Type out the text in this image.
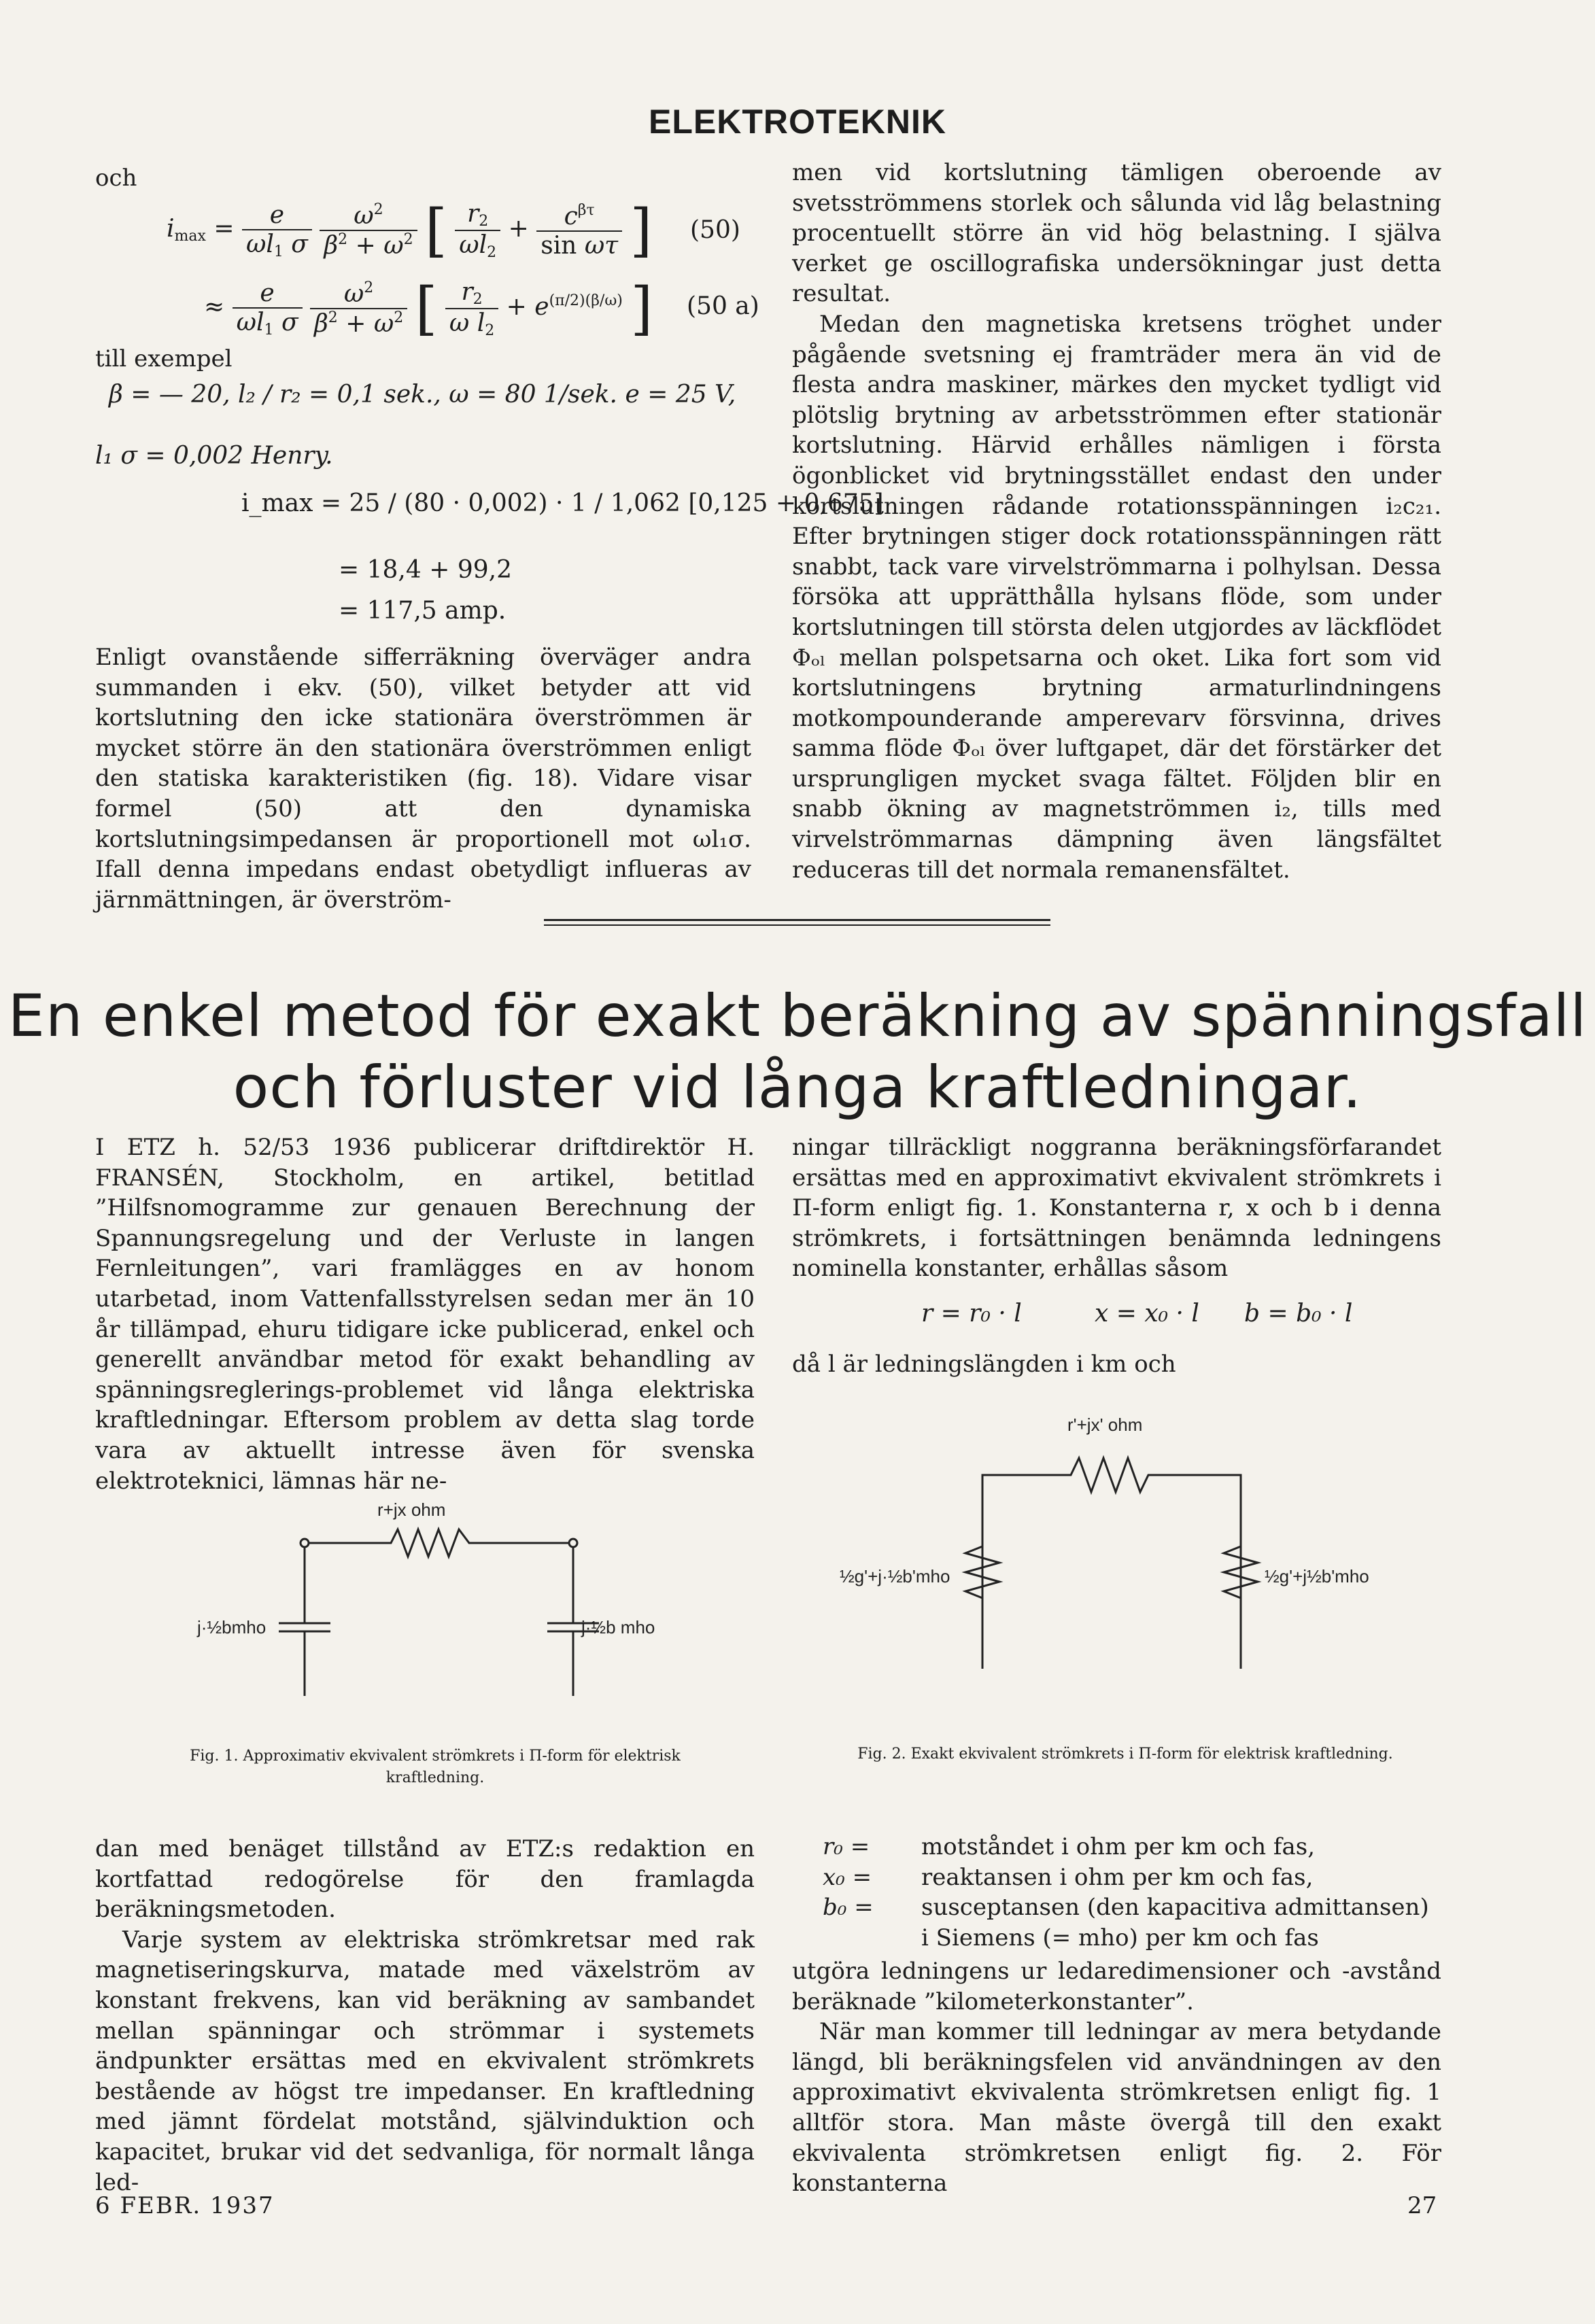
ELEKTROTEKNIK

och

$i_{max} = \frac{e}{\omega l_1 \sigma}$
$\frac{\omega^2}{\beta^2 + \omega^2}$ [ $\frac{r_2}{\omega l_2} + \frac{c^{\beta\tau}}{\text{sin ωτ}}$ ] (50)
≈ $\frac{e}{\omega l_1 \sigma}$
$\frac{\omega^2}{\beta^2 + \omega^2}$ [ $\frac{r_2}{\omega l_2} + e^{(\pi/2)(\beta/\omega)}$ ] (50 a)
till exempel
β = — 20, l₂ / r₂ = 0,1 sek., ω = 80 1/sek. e = 25 V,
l₁ σ = 0,002 Henry.
i_max = 25 / (80 · 0,002) · 1 / 1,062 [0,125 + 0,675]
= 18,4 + 99,2
= 117,5 amp.

Enligt ovanstående sifferräkning överväger andra summanden i ekv. (50), vilket betyder att vid kortslutning den icke stationära överströmmen är mycket större än den stationära överströmmen enligt den statiska karakteristiken (fig. 18). Vidare visar formel (50) att den dynamiska kortslutningsimpedansen är proportionell mot ωl₁σ. Ifall denna impedans endast obetydligt influeras av järnmättningen, är överström-

men vid kortslutning tämligen oberoende av svetsströmmens storlek och sålunda vid låg belastning procentuellt större än vid hög belastning. I själva verket ge oscillografiska undersökningar just detta resultat.

Medan den magnetiska kretsens tröghet under pågående svetsning ej framträder mera än vid de flesta andra maskiner, märkes den mycket tydligt vid plötslig brytning av arbetsströmmen efter stationär kortslutning. Härvid erhålles nämligen i första ögonblicket vid brytningsstället endast den under kortslutningen rådande rotationsspänningen i₂c₂₁. Efter brytningen stiger dock rotationsspänningen rätt snabbt, tack vare virvelströmmarna i polhylsan. Dessa försöka att upprätthålla hylsans flöde, som under kortslutningen till största delen utgjordes av läckflödet Φₒₗ mellan polspetsarna och oket. Lika fort som vid kortslutningens brytning armaturlindningens motkompounderande amperevarv försvinna, drives samma flöde Φₒₗ över luftgapet, där det förstärker det ursprungligen mycket svaga fältet. Följden blir en snabb ökning av magnetströmmen i₂, tills med virvelströmmarnas dämpning även längsfältet reduceras till det normala remanensfältet.

En enkel metod för exakt beräkning av spänningsfall
och förluster vid långa kraftledningar.

I ETZ h. 52/53 1936 publicerar driftdirektör H. FRANSÉN, Stockholm, en artikel, betitlad ”Hilfsnomogramme zur genauen Berechnung der Spannungsregelung und der Verluste in langen Fernleitungen”, vari framlägges en av honom utarbetad, inom Vattenfallsstyrelsen sedan mer än 10 år tillämpad, ehuru tidigare icke publicerad, enkel och generellt användbar metod för exakt behandling av spänningsreglerings-problemet vid långa elektriska kraftledningar. Eftersom problem av detta slag torde vara av aktuellt intresse även för svenska elektroteknici, lämnas här ne-

r+jx ohm
j·½bmho	j·½b mho
Fig. 1. Approximativ ekvivalent strömkrets i Π-form för elektrisk kraftledning.

dan med benäget tillstånd av ETZ:s redaktion en kortfattad redogörelse för den framlagda beräkningsmetoden.

Varje system av elektriska strömkretsar med rak magnetiseringskurva, matade med växelström av konstant frekvens, kan vid beräkning av sambandet mellan spänningar och strömmar i systemets ändpunkter ersättas med en ekvivalent strömkrets bestående av högst tre impedanser. En kraftledning med jämnt fördelat motstånd, självinduktion och kapacitet, brukar vid det sedvanliga, för normalt långa led-

ningar tillräckligt noggranna beräkningsförfarandet ersättas med en approximativt ekvivalent strömkrets i Π-form enligt fig. 1. Konstanterna r, x och b i denna strömkrets, i fortsättningen benämnda ledningens nominella konstanter, erhållas såsom

r = r₀ · l	x = x₀ · l b = b₀ · l
då l är ledningslängden i km och
r'+jx' ohm
½g'+j·½b'mho	½g'+j½b'mho
Fig. 2. Exakt ekvivalent strömkrets i Π-form för elektrisk kraftledning.
r₀ =	motståndet i ohm per km och fas,
x₀ =	reaktansen i ohm per km och fas,
b₀ =	susceptansen (den kapacitiva admittansen) i Siemens (= mho) per km och fas

utgöra ledningens ur ledaredimensioner och -avstånd beräknade ”kilometerkonstanter”.

När man kommer till ledningar av mera betydande längd, bli beräkningsfelen vid användningen av den approximativt ekvivalenta strömkretsen enligt fig. 1 alltför stora. Man måste övergå till den exakt ekvivalenta strömkretsen enligt fig. 2. För konstanterna

6 FEBR. 1937	27
